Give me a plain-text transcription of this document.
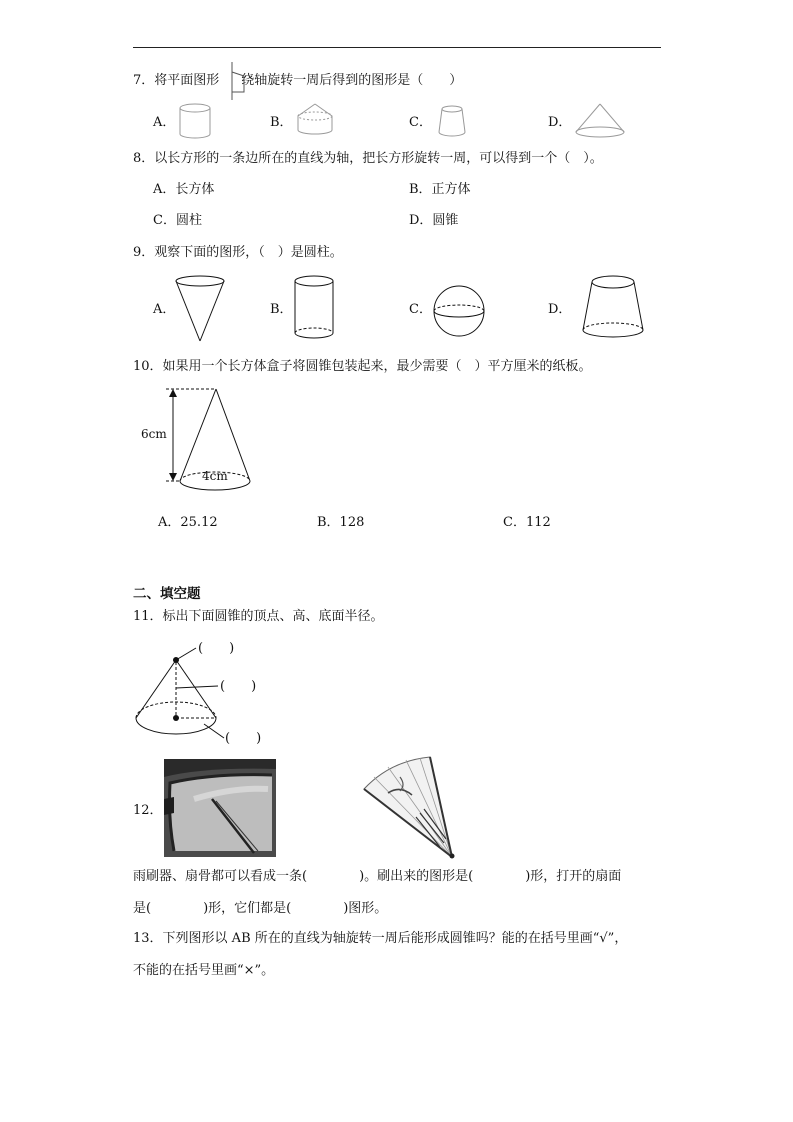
7．将平面图形 绕轴旋转一周后得到的图形是（　　）
A．	B．	C．	D．
8．以长方形的一条边所在的直线为轴，把长方形旋转一周，可以得到一个（　）。
A．长方体	B．正方体
C．圆柱	D．圆锥
9．观察下面的图形，（　）是圆柱。
A．	B．	C．	D．
10．如果用一个长方体盒子将圆锥包装起来，最少需要（　）平方厘米的纸板。
6cm
4cm
A．25.12	B．128	C．112
二、填空题
11．标出下面圆锥的顶点、高、底面半径。
(　　)
(　　)
(　　)
12．
雨刷器、扇骨都可以看成一条(　　　　)。刷出来的图形是(　　　　)形，打开的扇面
是(　　　　)形，它们都是(　　　　)图形。
13．下列图形以 AB 所在的直线为轴旋转一周后能形成圆锥吗？能的在括号里画“√”，
不能的在括号里画“×”。
